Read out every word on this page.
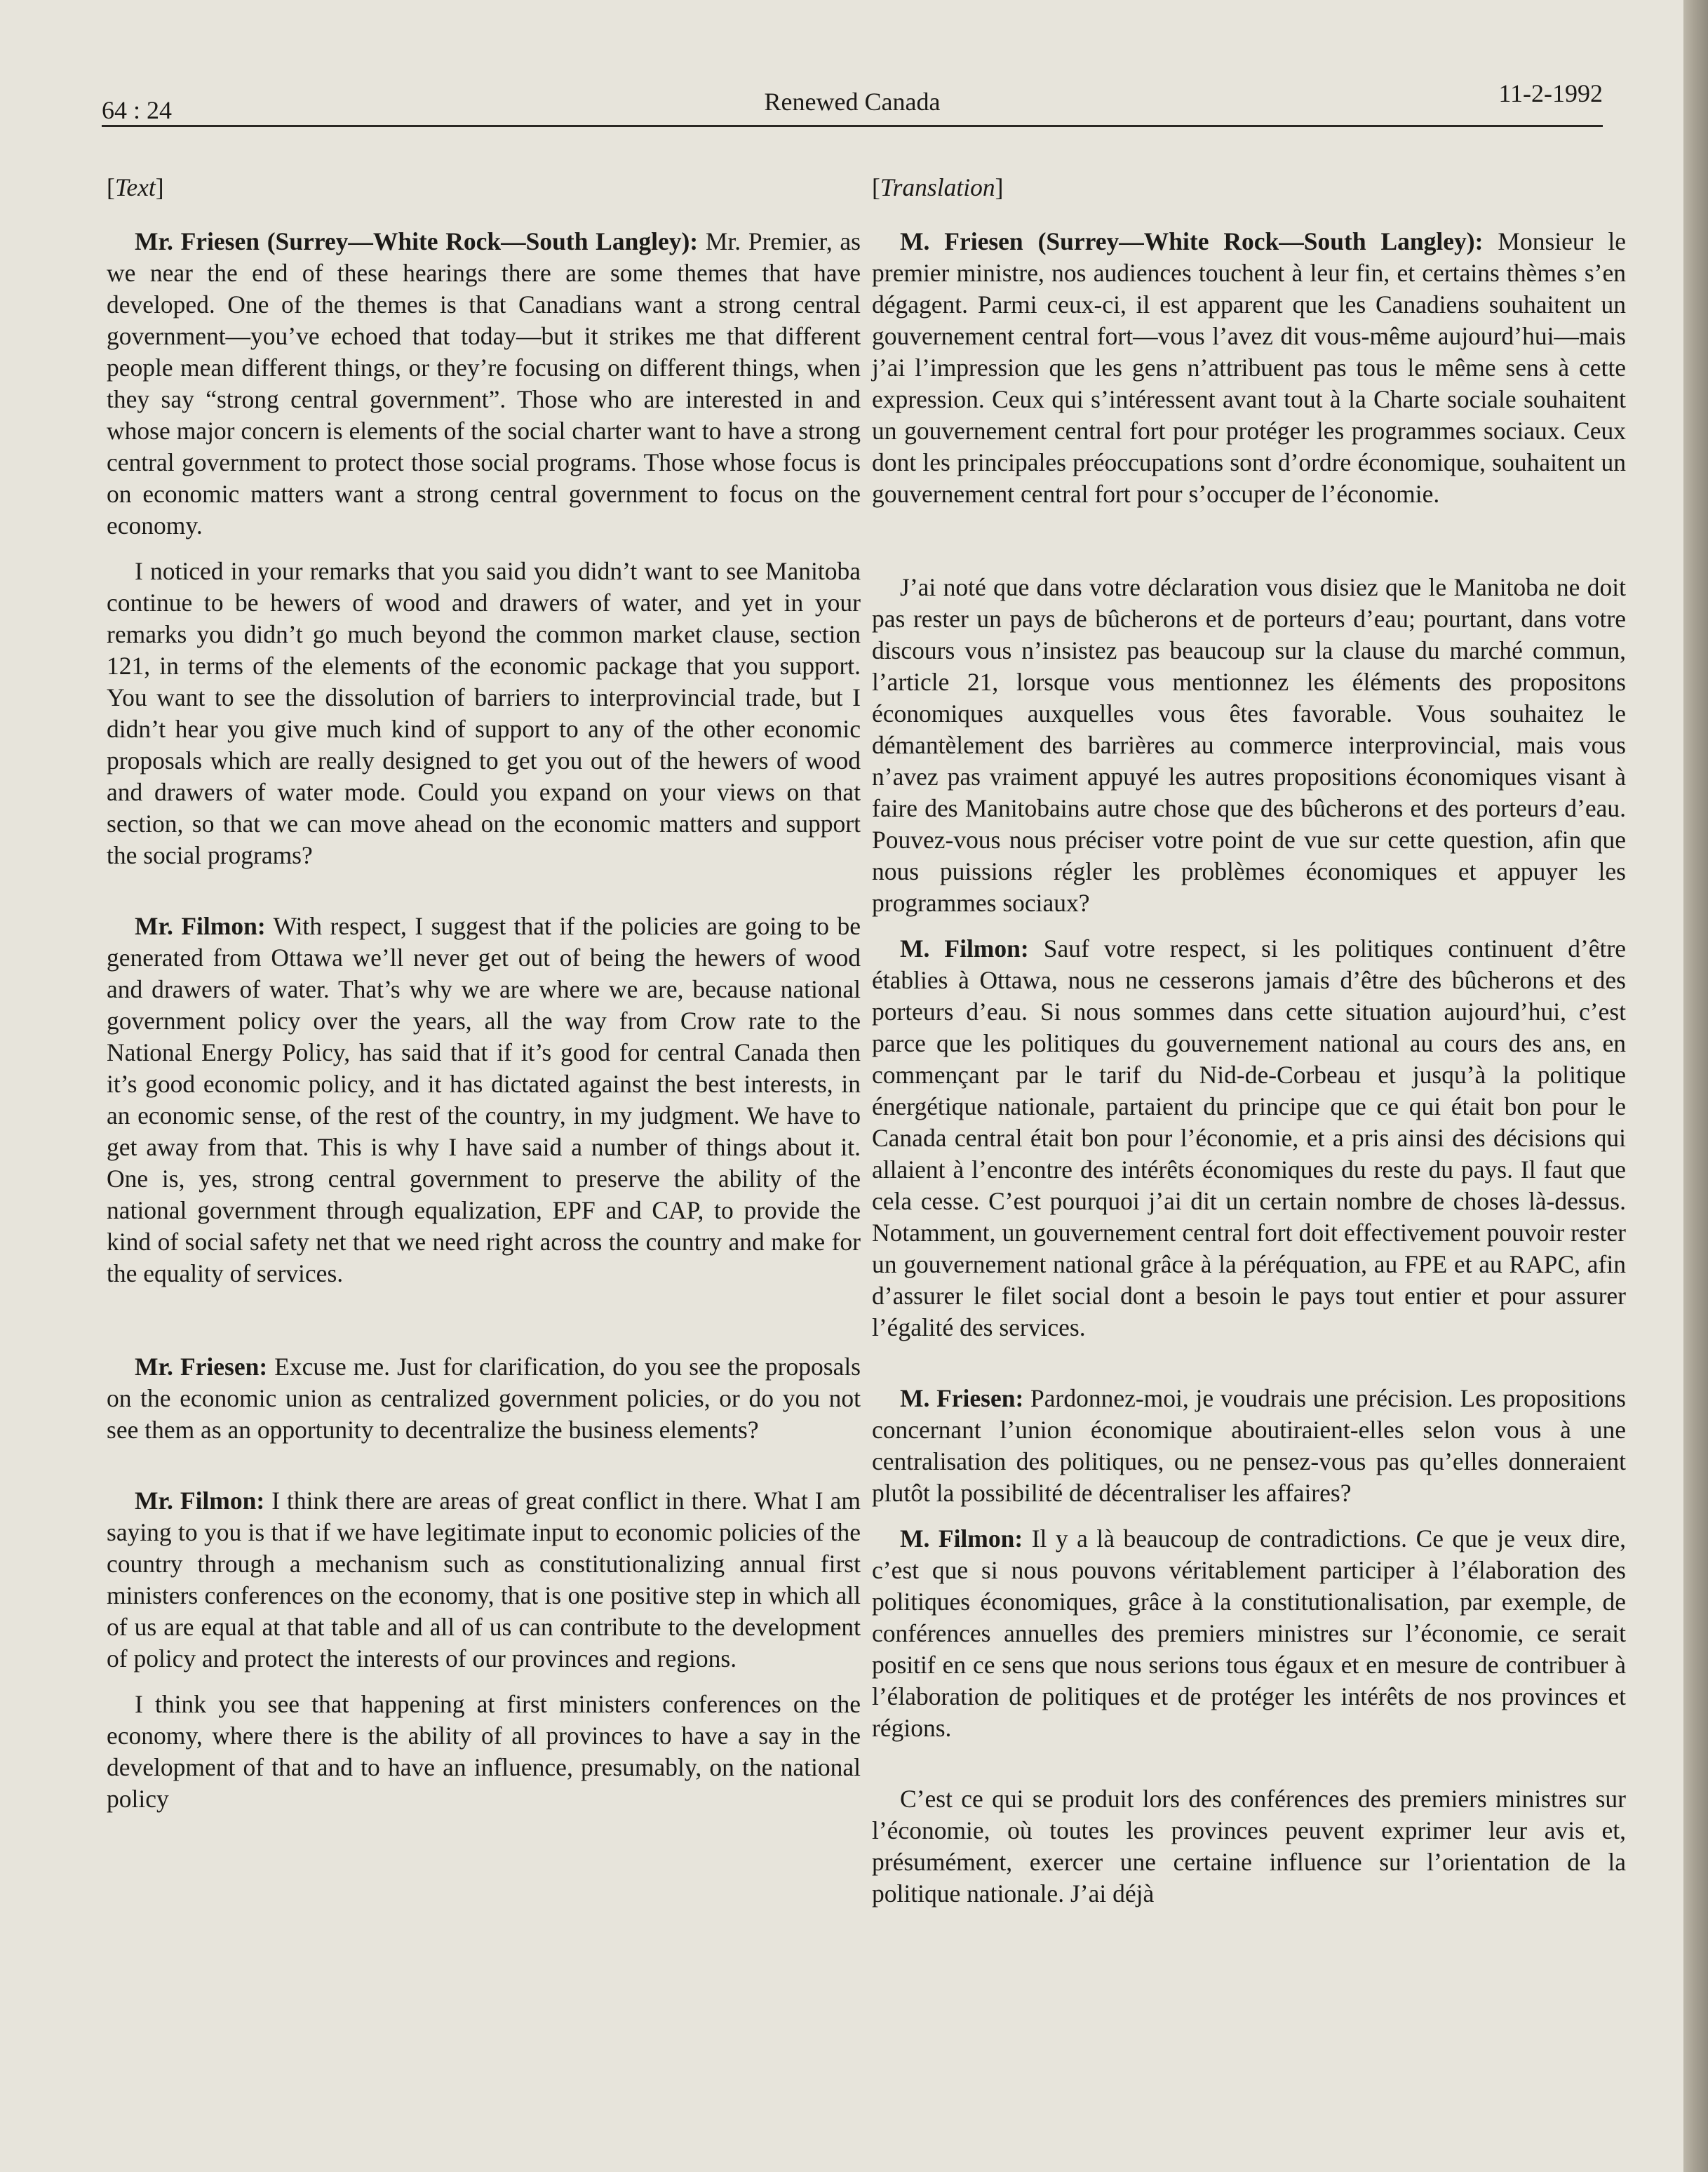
64 : 24	Renewed Canada	11-2-1992

[Text]

Mr. Friesen (Surrey—White Rock—South Langley): Mr. Premier, as we near the end of these hearings there are some themes that have developed. One of the themes is that Canadians want a strong central government—you’ve echoed that today—but it strikes me that different people mean different things, or they’re focusing on different things, when they say “strong central government”. Those who are interested in and whose major concern is elements of the social charter want to have a strong central government to protect those social programs. Those whose focus is on economic matters want a strong central government to focus on the economy.

I noticed in your remarks that you said you didn’t want to see Manitoba continue to be hewers of wood and drawers of water, and yet in your remarks you didn’t go much beyond the common market clause, section 121, in terms of the elements of the economic package that you support. You want to see the dissolution of barriers to interprovincial trade, but I didn’t hear you give much kind of support to any of the other economic proposals which are really designed to get you out of the hewers of wood and drawers of water mode. Could you expand on your views on that section, so that we can move ahead on the economic matters and support the social programs?

Mr. Filmon: With respect, I suggest that if the policies are going to be generated from Ottawa we’ll never get out of being the hewers of wood and drawers of water. That’s why we are where we are, because national government policy over the years, all the way from Crow rate to the National Energy Policy, has said that if it’s good for central Canada then it’s good economic policy, and it has dictated against the best interests, in an economic sense, of the rest of the country, in my judgment. We have to get away from that. This is why I have said a number of things about it. One is, yes, strong central government to preserve the ability of the national government through equalization, EPF and CAP, to provide the kind of social safety net that we need right across the country and make for the equality of services.

Mr. Friesen: Excuse me. Just for clarification, do you see the proposals on the economic union as centralized government policies, or do you not see them as an opportunity to decentralize the business elements?

Mr. Filmon: I think there are areas of great conflict in there. What I am saying to you is that if we have legitimate input to economic policies of the country through a mechanism such as constitutionalizing annual first ministers conferences on the economy, that is one positive step in which all of us are equal at that table and all of us can contribute to the development of policy and protect the interests of our provinces and regions.

I think you see that happening at first ministers conferences on the economy, where there is the ability of all provinces to have a say in the development of that and to have an influence, presumably, on the national policy

[Translation]

M. Friesen (Surrey—White Rock—South Langley): Monsieur le premier ministre, nos audiences touchent à leur fin, et certains thèmes s’en dégagent. Parmi ceux-ci, il est apparent que les Canadiens souhaitent un gouvernement central fort—vous l’avez dit vous-même aujourd’hui—mais j’ai l’impression que les gens n’attribuent pas tous le même sens à cette expression. Ceux qui s’intéressent avant tout à la Charte sociale souhaitent un gouvernement central fort pour protéger les programmes sociaux. Ceux dont les principales préoccupations sont d’ordre économique, souhaitent un gouvernement central fort pour s’occuper de l’économie.

J’ai noté que dans votre déclaration vous disiez que le Manitoba ne doit pas rester un pays de bûcherons et de porteurs d’eau; pourtant, dans votre discours vous n’insistez pas beaucoup sur la clause du marché commun, l’article 21, lorsque vous mentionnez les éléments des propositons économiques auxquelles vous êtes favorable. Vous souhaitez le démantèlement des barrières au commerce interprovincial, mais vous n’avez pas vraiment appuyé les autres propositions économiques visant à faire des Manitobains autre chose que des bûcherons et des porteurs d’eau. Pouvez-vous nous préciser votre point de vue sur cette question, afin que nous puissions régler les problèmes économiques et appuyer les programmes sociaux?

M. Filmon: Sauf votre respect, si les politiques continuent d’être établies à Ottawa, nous ne cesserons jamais d’être des bûcherons et des porteurs d’eau. Si nous sommes dans cette situation aujourd’hui, c’est parce que les politiques du gouvernement national au cours des ans, en commençant par le tarif du Nid-de-Corbeau et jusqu’à la politique énergétique nationale, partaient du principe que ce qui était bon pour le Canada central était bon pour l’économie, et a pris ainsi des décisions qui allaient à l’encontre des intérêts économiques du reste du pays. Il faut que cela cesse. C’est pourquoi j’ai dit un certain nombre de choses là-dessus. Notamment, un gouvernement central fort doit effectivement pouvoir rester un gouvernement national grâce à la péréquation, au FPE et au RAPC, afin d’assurer le filet social dont a besoin le pays tout entier et pour assurer l’égalité des services.

M. Friesen: Pardonnez-moi, je voudrais une précision. Les propositions concernant l’union économique aboutiraient-elles selon vous à une centralisation des politiques, ou ne pensez-vous pas qu’elles donneraient plutôt la possibilité de décentraliser les affaires?

M. Filmon: Il y a là beaucoup de contradictions. Ce que je veux dire, c’est que si nous pouvons véritablement participer à l’élaboration des politiques économiques, grâce à la constitutionalisation, par exemple, de conférences annuelles des premiers ministres sur l’économie, ce serait positif en ce sens que nous serions tous égaux et en mesure de contribuer à l’élaboration de politiques et de protéger les intérêts de nos provinces et régions.

C’est ce qui se produit lors des conférences des premiers ministres sur l’économie, où toutes les provinces peuvent exprimer leur avis et, présumément, exercer une certaine influence sur l’orientation de la politique nationale. J’ai déjà
